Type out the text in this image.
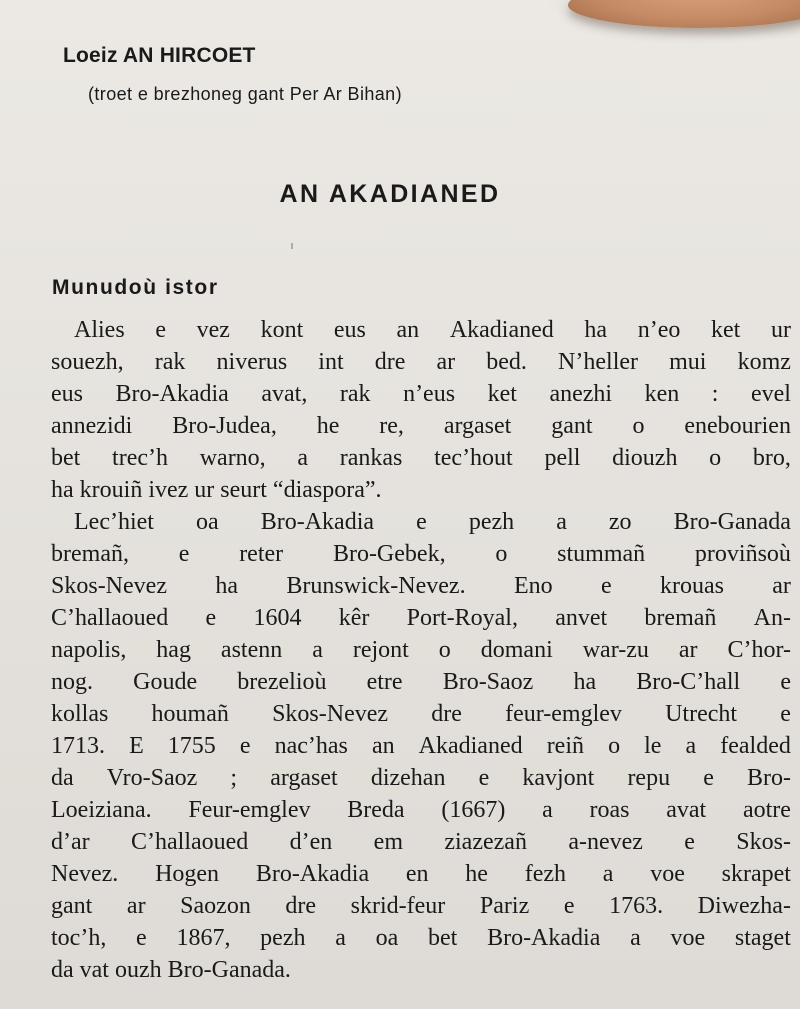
Loeiz AN HIRCOET
(troet e brezhoneg gant Per Ar Bihan)
AN AKADIANED
Munudoù istor
Alies e vez kont eus an Akadianed ha n’eo ket ur
souezh, rak niverus int dre ar bed. N’heller mui komz
eus Bro-Akadia avat, rak n’eus ket anezhi ken : evel
annezidi Bro-Judea, he re, argaset gant o enebourien
bet trec’h warno, a rankas tec’hout pell diouzh o bro,
ha krouiñ ivez ur seurt “diaspora”.
Lec’hiet oa Bro-Akadia e pezh a zo Bro-Ganada
bremañ, e reter Bro-Gebek, o stummañ proviñsoù
Skos-Nevez ha Brunswick-Nevez. Eno e krouas ar
C’hallaoued e 1604 kêr Port-Royal, anvet bremañ An-
napolis, hag astenn a rejont o domani war-zu ar C’hor-
nog. Goude brezelioù etre Bro-Saoz ha Bro-C’hall e
kollas houmañ Skos-Nevez dre feur-emglev Utrecht e
1713. E 1755 e nac’has an Akadianed reiñ o le a fealded
da Vro-Saoz ; argaset dizehan e kavjont repu e Bro-
Loeiziana. Feur-emglev Breda (1667) a roas avat aotre
d’ar C’hallaoued d’en em ziazezañ a-nevez e Skos-
Nevez. Hogen Bro-Akadia en he fezh a voe skrapet
gant ar Saozon dre skrid-feur Pariz e 1763. Diwezha-
toc’h, e 1867, pezh a oa bet Bro-Akadia a voe staget
da vat ouzh Bro-Ganada.
